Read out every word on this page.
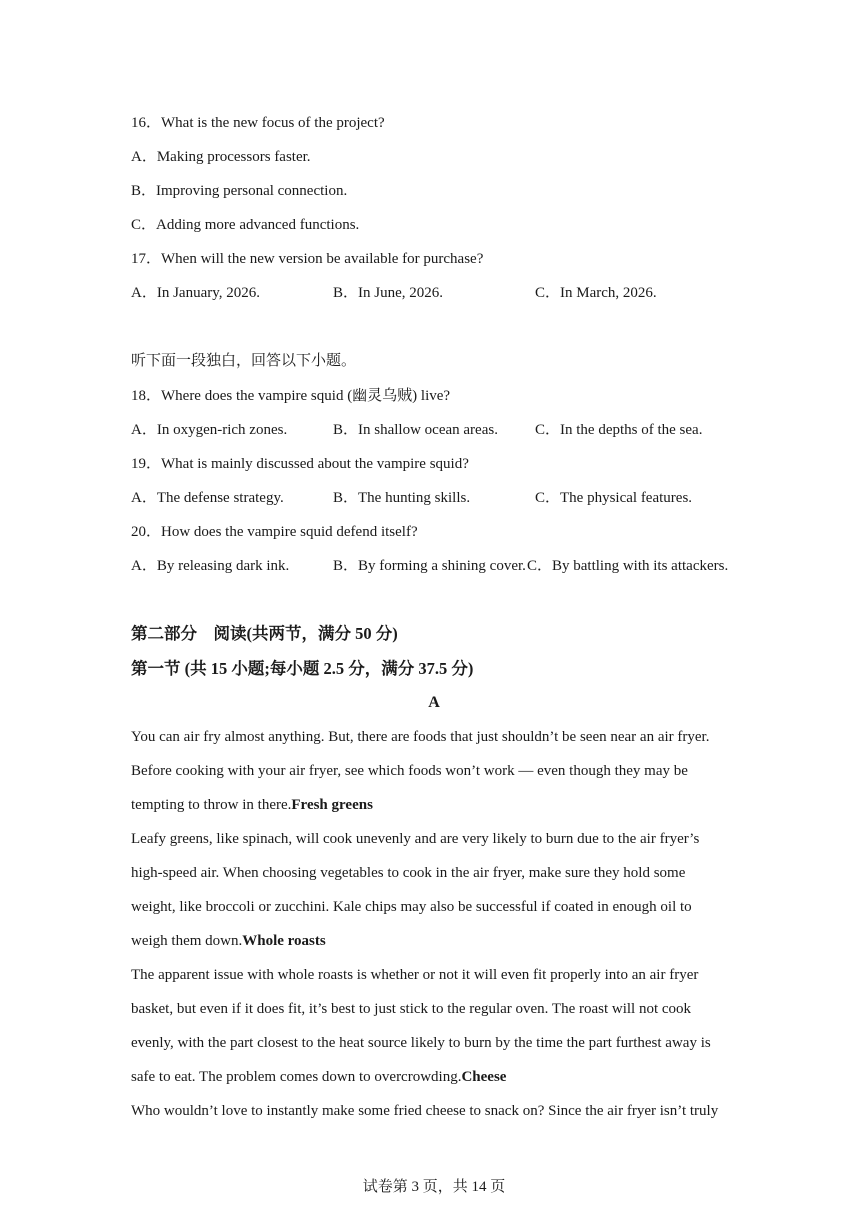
16．What is the new focus of the project?
A．Making processors faster.
B．Improving personal connection.
C．Adding more advanced functions.
17．When will the new version be available for purchase?
A．In January, 2026.	B．In June, 2026.	C．In March, 2026.
听下面一段独白，回答以下小题。
18．Where does the vampire squid (幽灵乌贼) live?
A．In oxygen-rich zones.	B．In shallow ocean areas. C．In the depths of the sea.
19．What is mainly discussed about the vampire squid?
A．The defense strategy.	B．The hunting skills.	C．The physical features.
20．How does the vampire squid defend itself?
A．By releasing dark ink.	B．By forming a shining cover. C．By battling with its attackers.
第二部分　阅读(共两节，满分 50 分)
第一节 (共 15 小题;每小题 2.5 分，满分 37.5 分)
A
You can air fry almost anything. But, there are foods that just shouldn’t be seen near an air fryer.
Before cooking with your air fryer, see which foods won’t work — even though they may be
tempting to throw in there.Fresh greens
Leafy greens, like spinach, will cook unevenly and are very likely to burn due to the air fryer’s
high-speed air. When choosing vegetables to cook in the air fryer, make sure they hold some
weight, like broccoli or zucchini. Kale chips may also be successful if coated in enough oil to
weigh them down.Whole roasts
The apparent issue with whole roasts is whether or not it will even fit properly into an air fryer
basket, but even if it does fit, it’s best to just stick to the regular oven. The roast will not cook
evenly, with the part closest to the heat source likely to burn by the time the part furthest away is
safe to eat. The problem comes down to overcrowding.Cheese
Who wouldn’t love to instantly make some fried cheese to snack on? Since the air fryer isn’t truly
试卷第 3 页，共 14 页
